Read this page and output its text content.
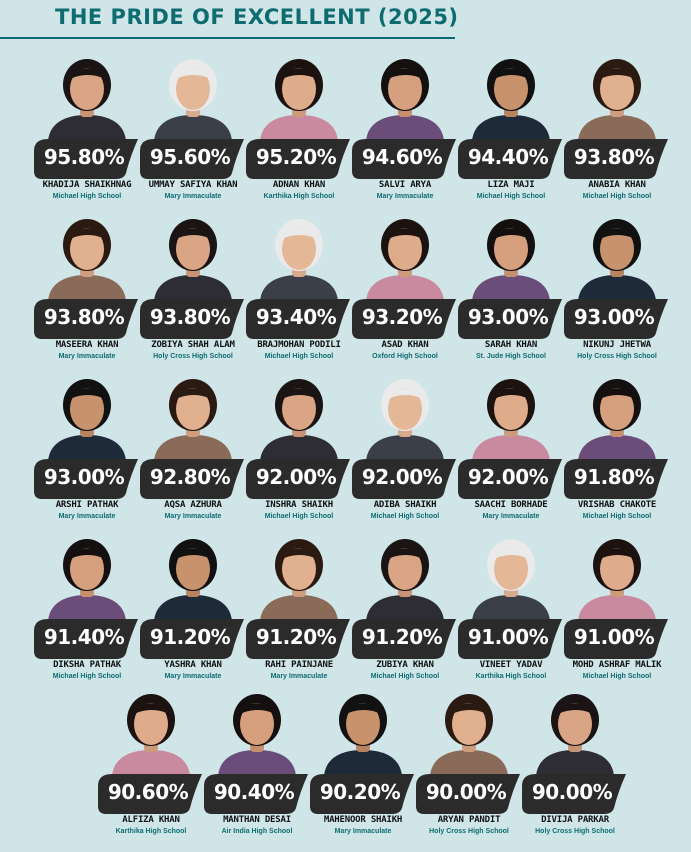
THE PRIDE OF EXCELLENT (2025)
95.80%
KHADIJA SHAIKHNAG
Michael High School
95.60%
UMMAY SAFIYA KHAN
Mary Immaculate
95.20%
ADNAN KHAN
Karthika High School
94.60%
SALVI ARYA
Mary Immaculate
94.40%
LIZA MAJI
Michael High School
93.80%
ANABIA KHAN
Michael High School
93.80%
MASEERA KHAN
Mary Immaculate
93.80%
ZOBIYA SHAH ALAM
Holy Cross High School
93.40%
BRAJMOHAN PODILI
Michael High School
93.20%
ASAD KHAN
Oxford High School
93.00%
SARAH KHAN
St. Jude High School
93.00%
NIKUNJ JHETWA
Holy Cross High School
93.00%
ARSHI PATHAK
Mary Immaculate
92.80%
AQSA AZHURA
Mary Immaculate
92.00%
INSHRA SHAIKH
Michael High School
92.00%
ADIBA SHAIKH
Michael High School
92.00%
SAACHI BORHADE
Mary Immaculate
91.80%
VRISHAB CHAKOTE
Michael High School
91.40%
DIKSHA PATHAK
Michael High School
91.20%
YASHRA KHAN
Mary Immaculate
91.20%
RAHI PAINJANE
Mary Immaculate
91.20%
ZUBIYA KHAN
Michael High School
91.00%
VINEET YADAV
Karthika High School
91.00%
MOHD ASHRAF MALIK
Michael High School
90.60%
ALFIZA KHAN
Karthika High School
90.40%
MANTHAN DESAI
Air India High School
90.20%
MAHENOOR SHAIKH
Mary Immaculate
90.00%
ARYAN PANDIT
Holy Cross High School
90.00%
DIVIJA PARKAR
Holy Cross High School
